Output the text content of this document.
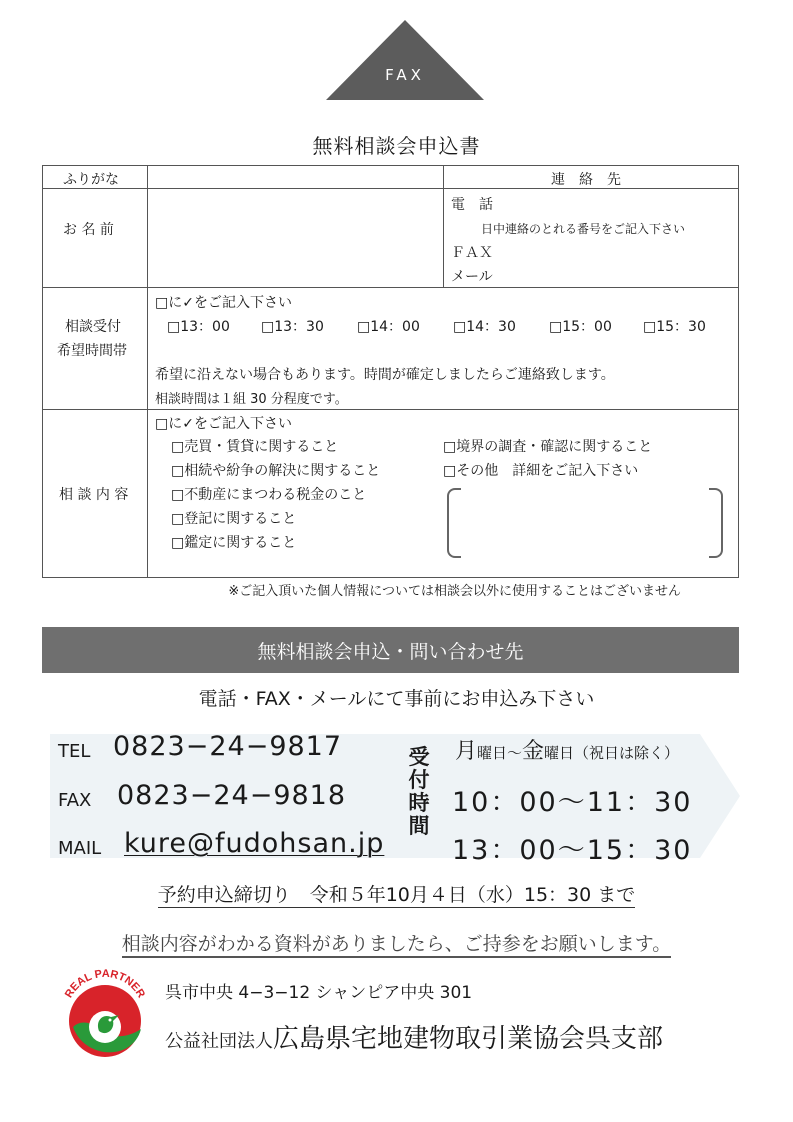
FAX
無料相談会申込書
ふりがな	連　絡　先
お 名 前
電　話
日中連絡のとれる番号をご記入下さい
ＦＡＸ
メール
相談受付
希望時間帯
□に✓をご記入下さい
□13：00 □13：30 □14：00 □14：30 □15：00 □15：30
希望に沿えない場合もあります。時間が確定しましたらご連絡致します。
相談時間は１組 30 分程度です。
相 談 内 容
□に✓をご記入下さい
□売買・賃貸に関すること
□相続や紛争の解決に関すること
□不動産にまつわる税金のこと
□登記に関すること
□鑑定に関すること
□境界の調査・確認に関すること
□その他　詳細をご記入下さい
※ご記入頂いた個人情報については相談会以外に使用することはございません
無料相談会申込・問い合わせ先
電話・FAX・メールにて事前にお申込み下さい
TEL 0823−24−9817
FAX 0823−24−9818
MAIL kure@fudohsan.jp
受
付
時
間
月曜日〜金曜日（祝日は除く）
10：00〜11：30
13：00〜15：30
予約申込締切り　令和５年10月４日（水）15：30 まで
相談内容がわかる資料がありましたら、ご持参をお願いします。
REAL PARTNER 呉市中央 4−3−12 シャンピア中央 301
公益社団法人広島県宅地建物取引業協会呉支部
